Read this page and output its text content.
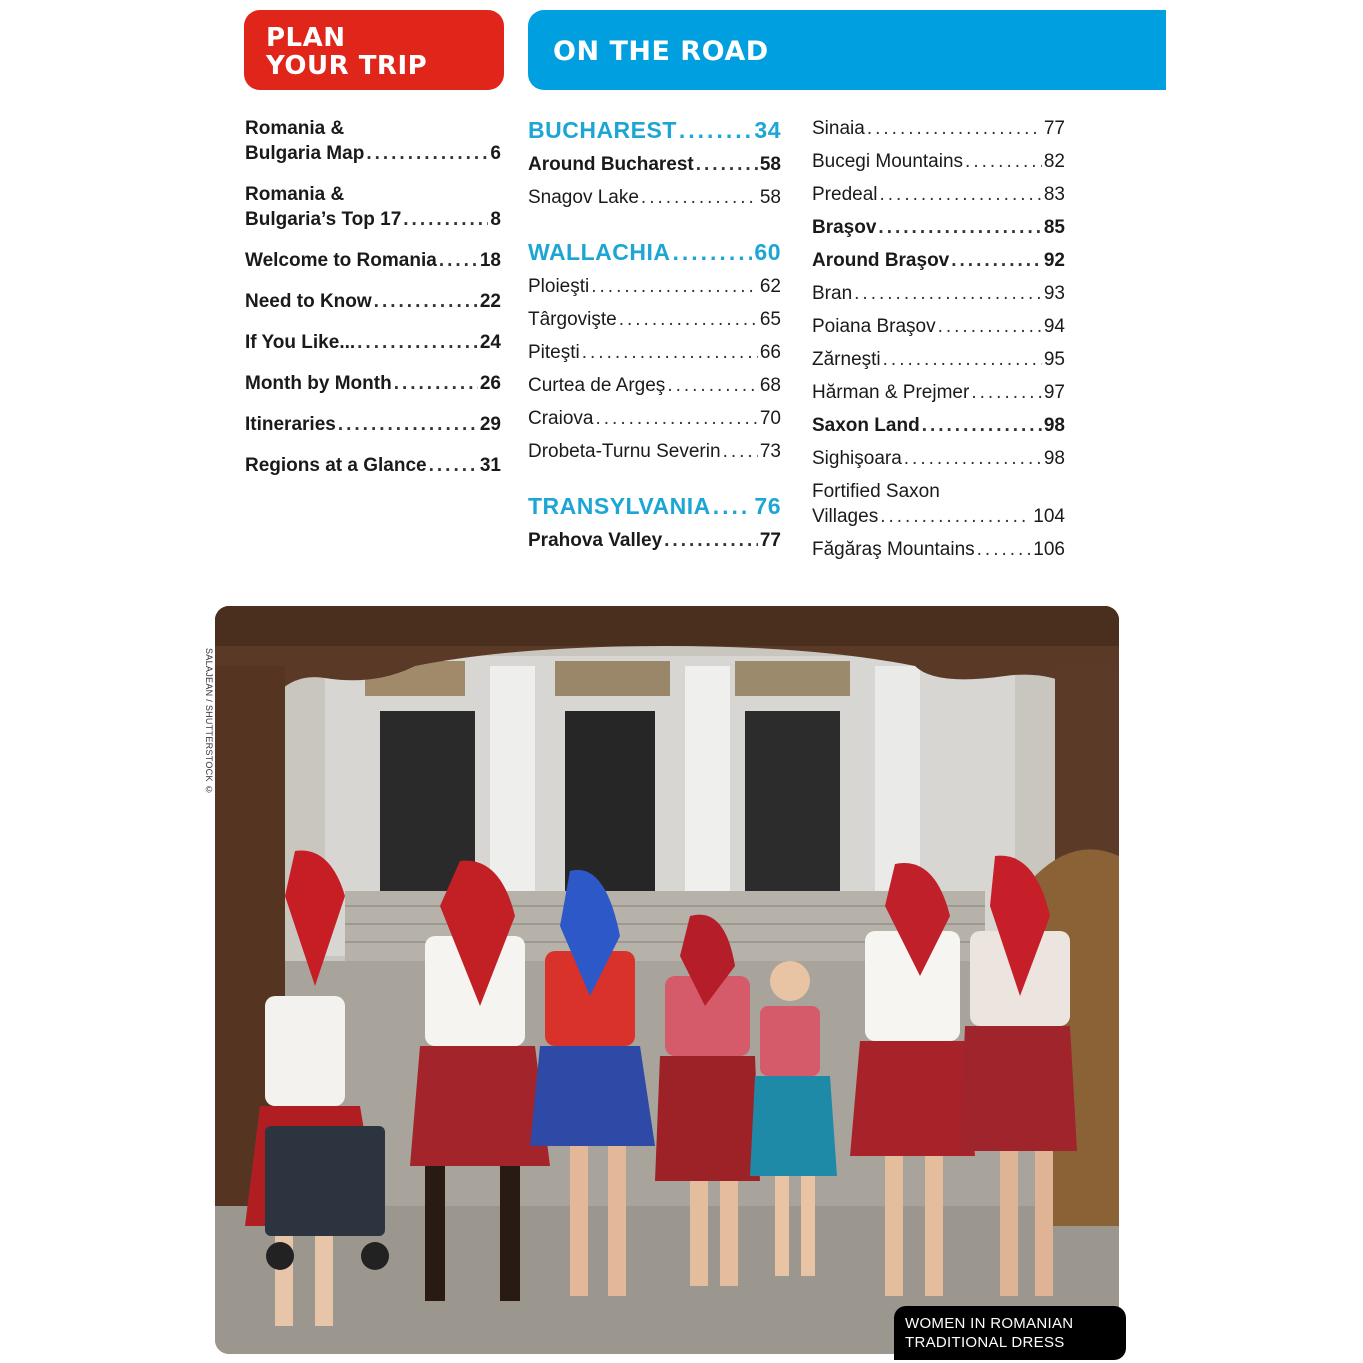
PLAN
YOUR TRIP	ON THE ROAD
Romania &
Bulgaria Map .....	6
Romania &
Bulgaria’s Top 17 .....	8
Welcome to Romania ..... 18
Need to Know .....	22
If You Like... .....	24
Month by Month .....	26
Itineraries .....	29
Regions at a Glance .....	31
BUCHAREST .....	34
Around Bucharest .....	58
Snagov Lake .....	58
WALLACHIA .....	60
Ploieşti .....	62
Târgovişte .....	65
Piteşti .....	66
Curtea de Argeş .....	68
Craiova .....	70
Drobeta-Turnu Severin ..... 73
TRANSYLVANIA ..... 76
Prahova Valley .....	77
Sinaia .....	77
Bucegi Mountains .....	82
Predeal .....	83
Braşov .....	85
Around Braşov .....	92
Bran .....	93
Poiana Braşov .....	94
Zărneşti .....	95
Hărman & Prejmer .....	97
Saxon Land .....	98
Sighişoara .....	98
Fortified Saxon
Villages .....	104
Făgăraş Mountains .....	106
SALAJEAN / SHUTTERSTOCK ©
WOMEN IN ROMANIAN
TRADITIONAL DRESS
